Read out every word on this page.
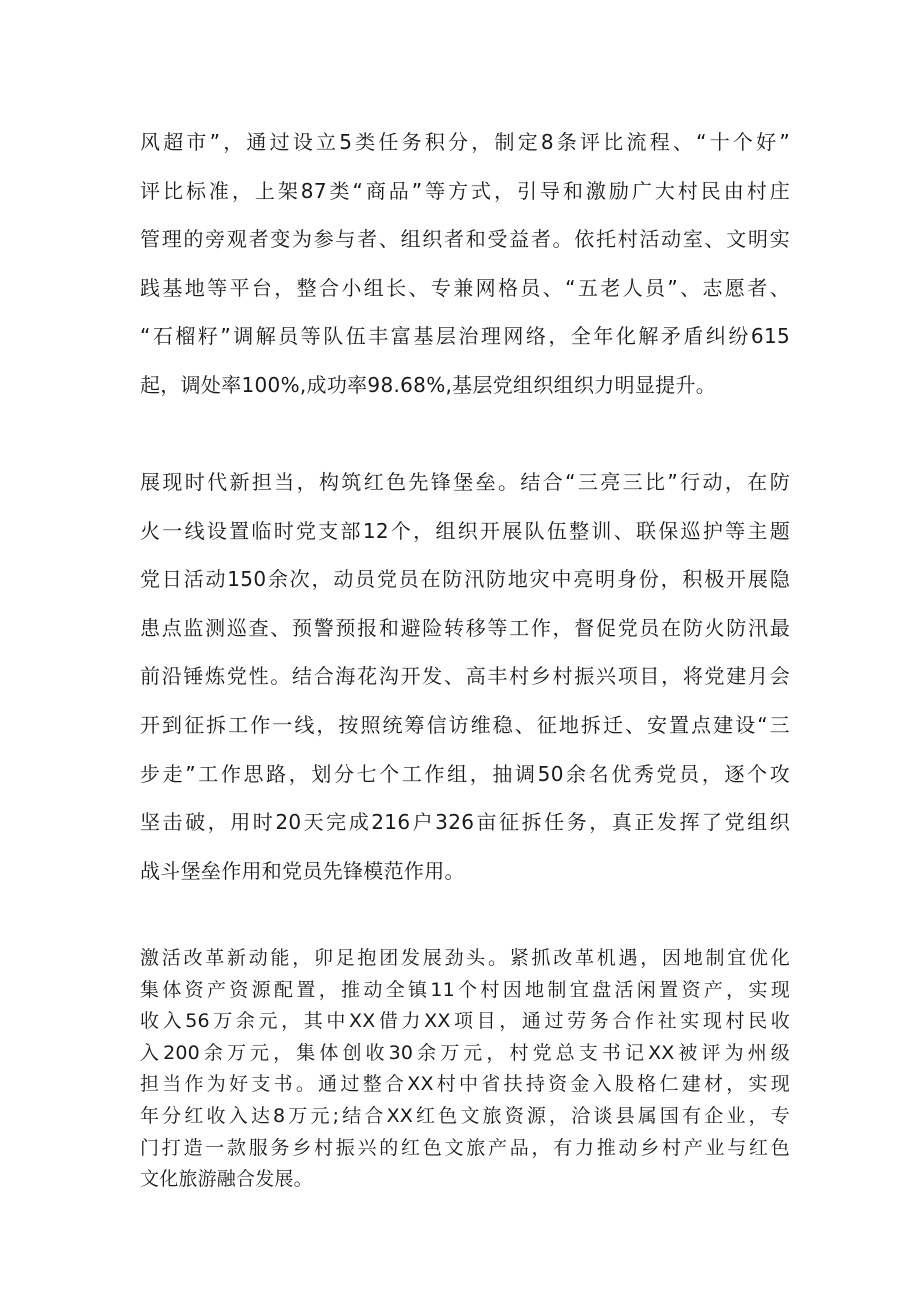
风超市”，通过设立5类任务积分，制定8条评比流程、“十个好”
评比标准，上架87类“商品”等方式，引导和激励广大村民由村庄
管理的旁观者变为参与者、组织者和受益者。依托村活动室、文明实
践基地等平台，整合小组长、专兼网格员、“五老人员”、志愿者、
“石榴籽”调解员等队伍丰富基层治理网络，全年化解矛盾纠纷615
起，调处率100%,成功率98.68%,基层党组织组织力明显提升。
展现时代新担当，构筑红色先锋堡垒。结合“三亮三比”行动，在防
火一线设置临时党支部12个，组织开展队伍整训、联保巡护等主题
党日活动150余次，动员党员在防汛防地灾中亮明身份，积极开展隐
患点监测巡查、预警预报和避险转移等工作，督促党员在防火防汛最
前沿锤炼党性。结合海花沟开发、高丰村乡村振兴项目，将党建月会
开到征拆工作一线，按照统筹信访维稳、征地拆迁、安置点建设“三
步走”工作思路，划分七个工作组，抽调50余名优秀党员，逐个攻
坚击破，用时20天完成216户326亩征拆任务，真正发挥了党组织
战斗堡垒作用和党员先锋模范作用。
激活改革新动能，卯足抱团发展劲头。紧抓改革机遇，因地制宜优化
集体资产资源配置，推动全镇11个村因地制宜盘活闲置资产，实现
收入56万余元，其中XX借力XX项目，通过劳务合作社实现村民收
入200余万元，集体创收30余万元，村党总支书记XX被评为州级
担当作为好支书。通过整合XX村中省扶持资金入股格仁建材，实现
年分红收入达8万元;结合XX红色文旅资源，洽谈县属国有企业，专
门打造一款服务乡村振兴的红色文旅产品，有力推动乡村产业与红色
文化旅游融合发展。
